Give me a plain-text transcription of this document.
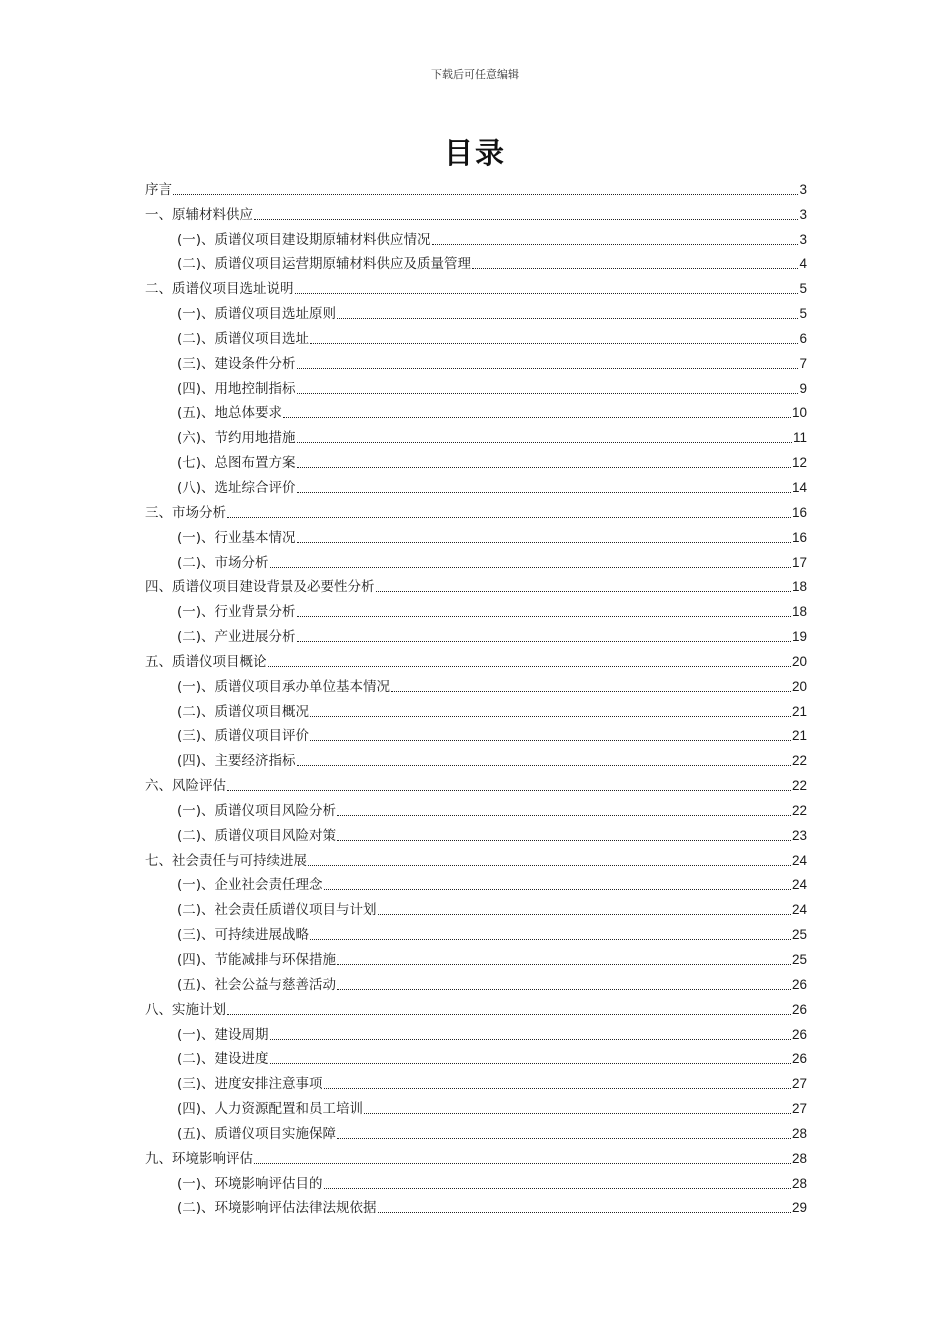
下载后可任意编辑
目录
序言	3
一、原辅材料供应	3
(一)、质谱仪项目建设期原辅材料供应情况	3
(二)、质谱仪项目运营期原辅材料供应及质量管理	4
二、质谱仪项目选址说明	5
(一)、质谱仪项目选址原则	5
(二)、质谱仪项目选址	6
(三)、建设条件分析	7
(四)、用地控制指标	9
(五)、地总体要求	10
(六)、节约用地措施	11
(七)、总图布置方案	12
(八)、选址综合评价	14
三、市场分析	16
(一)、行业基本情况	16
(二)、市场分析	17
四、质谱仪项目建设背景及必要性分析	18
(一)、行业背景分析	18
(二)、产业进展分析	19
五、质谱仪项目概论	20
(一)、质谱仪项目承办单位基本情况	20
(二)、质谱仪项目概况	21
(三)、质谱仪项目评价	21
(四)、主要经济指标	22
六、风险评估	22
(一)、质谱仪项目风险分析	22
(二)、质谱仪项目风险对策	23
七、社会责任与可持续进展	24
(一)、企业社会责任理念	24
(二)、社会责任质谱仪项目与计划	24
(三)、可持续进展战略	25
(四)、节能减排与环保措施	25
(五)、社会公益与慈善活动	26
八、实施计划	26
(一)、建设周期	26
(二)、建设进度	26
(三)、进度安排注意事项	27
(四)、人力资源配置和员工培训	27
(五)、质谱仪项目实施保障	28
九、环境影响评估	28
(一)、环境影响评估目的	28
(二)、环境影响评估法律法规依据	29
